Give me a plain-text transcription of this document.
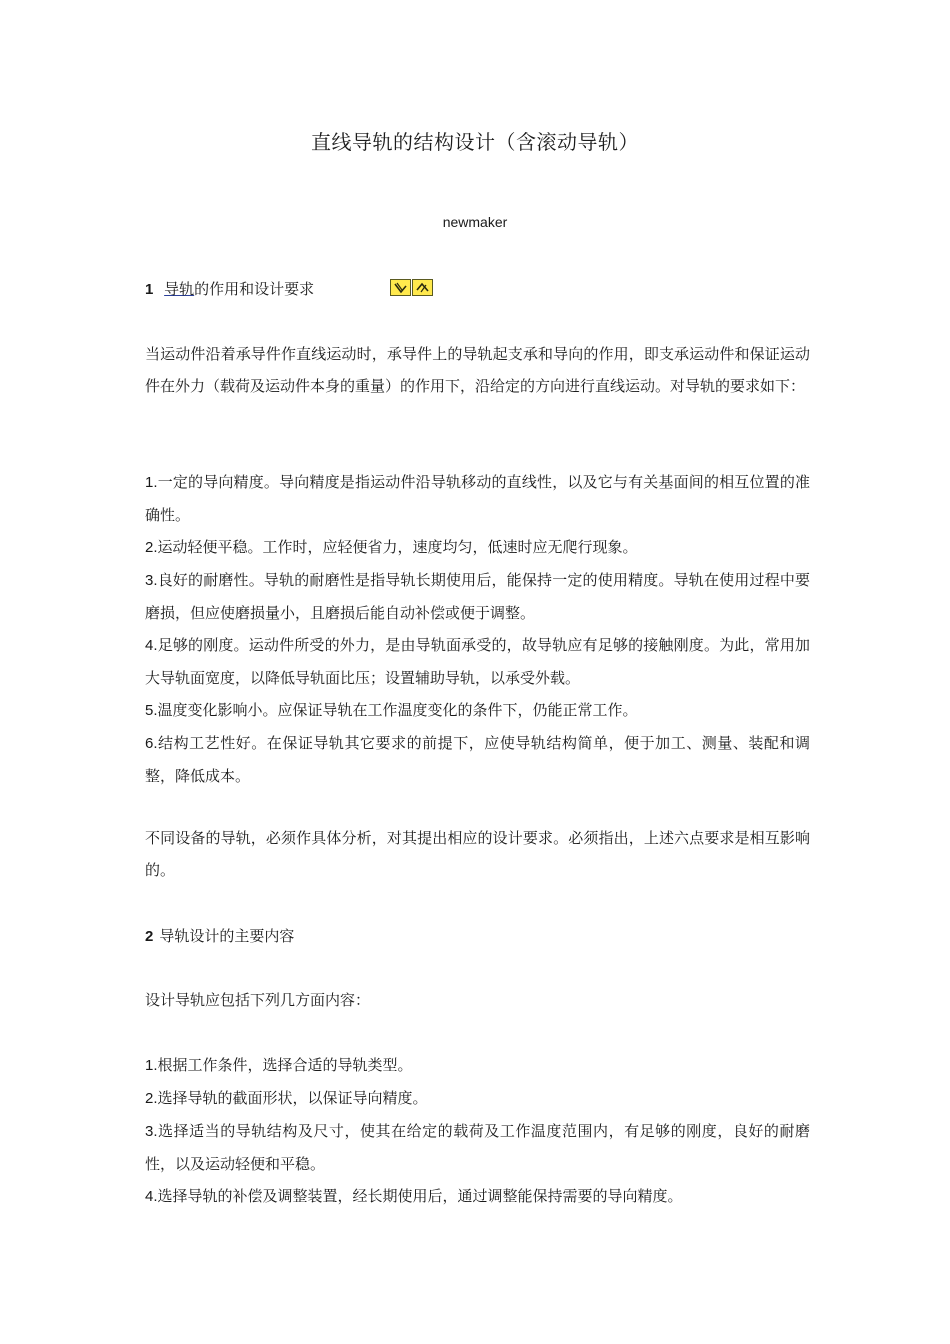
直线导轨的结构设计（含滚动导轨）
newmaker
1 导轨的作用和设计要求

当运动件沿着承导件作直线运动时，承导件上的导轨起支承和导向的作用，即支承运动件和保证运动件在外力（载荷及运动件本身的重量）的作用下，沿给定的方向进行直线运动。对导轨的要求如下：

1.一定的导向精度。导向精度是指运动件沿导轨移动的直线性，以及它与有关基面间的相互位置的准确性。
2.运动轻便平稳。工作时，应轻便省力，速度均匀，低速时应无爬行现象。
3.良好的耐磨性。导轨的耐磨性是指导轨长期使用后，能保持一定的使用精度。导轨在使用过程中要磨损，但应使磨损量小，且磨损后能自动补偿或便于调整。
4.足够的刚度。运动件所受的外力，是由导轨面承受的，故导轨应有足够的接触刚度。为此，常用加大导轨面宽度，以降低导轨面比压；设置辅助导轨，以承受外载。
5.温度变化影响小。应保证导轨在工作温度变化的条件下，仍能正常工作。
6.结构工艺性好。在保证导轨其它要求的前提下，应使导轨结构简单，便于加工、测量、装配和调整，降低成本。

不同设备的导轨，必须作具体分析，对其提出相应的设计要求。必须指出，上述六点要求是相互影响的。

2 导轨设计的主要内容

设计导轨应包括下列几方面内容：

1.根据工作条件，选择合适的导轨类型。
2.选择导轨的截面形状，以保证导向精度。
3.选择适当的导轨结构及尺寸，使其在给定的载荷及工作温度范围内，有足够的刚度，良好的耐磨性，以及运动轻便和平稳。
4.选择导轨的补偿及调整装置，经长期使用后，通过调整能保持需要的导向精度。
